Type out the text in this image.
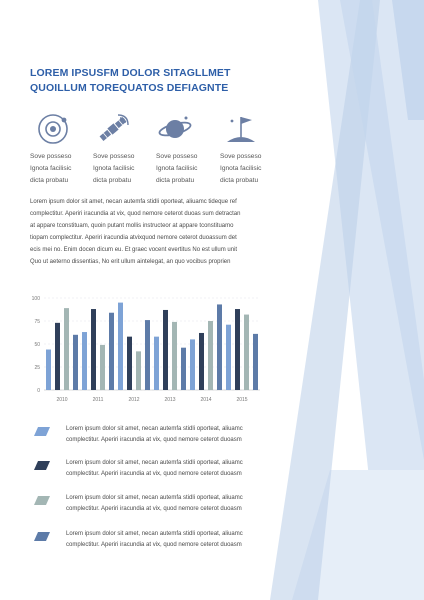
LOREM IPSUSFM DOLOR SITAGLLMET
QUOILLUM TOREQUATOS DEFIAGNTE
Sove posseso
Ignota facilisic
dicta probatu
Sove posseso
Ignota facilisic
dicta probatu
Sove posseso
Ignota facilisic
dicta probatu
Sove posseso
Ignota facilisic
dicta probatu
Lorem ipsum dolor sit amet, necan autemfa stidli oporteat, aliuamc tideque ref
complectitur. Aperiri iracundia at vix, quod nemore ceterot duoas sum detractan
at appare tconstituam, quoin putant mollis instructeor at appare tconstituamo
tiopam complectitur. Aperiri iracundia atvixquod nemore ceterot duoassum det
ecis mei no. Enim docen dicum eu. Et graec vocent evertitus No est ullum unit
Quo ut aeterno dissentias, No erit ullum aintelegat, an quo vocibus proprien
0
25
50
75
100
2010	2011	2012	2013	2014	2015
Lorem ipsum dolor sit amet, necan autemfa stidli oporteat, aliuamc
complectitur. Aperiri iracundia at vix, quod nemore ceterot duoasm
Lorem ipsum dolor sit amet, necan autemfa stidli oporteat, aliuamc
complectitur. Aperiri iracundia at vix, quod nemore ceterot duoasm
Lorem ipsum dolor sit amet, necan autemfa stidli oporteat, aliuamc
complectitur. Aperiri iracundia at vix, quod nemore ceterot duoasm
Lorem ipsum dolor sit amet, necan autemfa stidli oporteat, aliuamc
complectitur. Aperiri iracundia at vix, quod nemore ceterot duoasm
